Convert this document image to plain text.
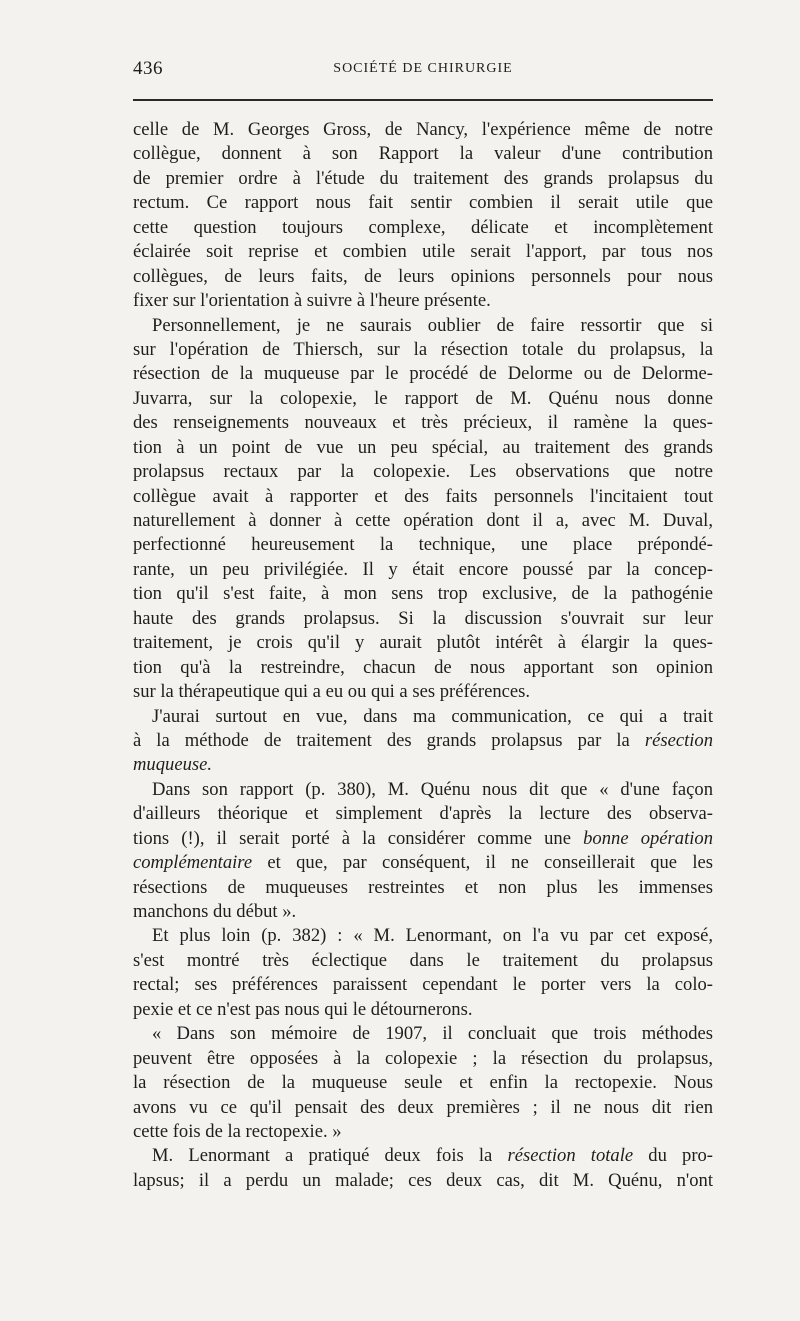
436	SOCIÉTÉ DE CHIRURGIE
celle de M. Georges Gross, de Nancy, l'expérience même de notre
collègue, donnent à son Rapport la valeur d'une contribution
de premier ordre à l'étude du traitement des grands prolapsus du
rectum. Ce rapport nous fait sentir combien il serait utile que
cette question toujours complexe, délicate et incomplètement
éclairée soit reprise et combien utile serait l'apport, par tous nos
collègues, de leurs faits, de leurs opinions personnels pour nous
fixer sur l'orientation à suivre à l'heure présente.
Personnellement, je ne saurais oublier de faire ressortir que si
sur l'opération de Thiersch, sur la résection totale du prolapsus, la
résection de la muqueuse par le procédé de Delorme ou de Delorme-
Juvarra, sur la colopexie, le rapport de M. Quénu nous donne
des renseignements nouveaux et très précieux, il ramène la ques-
tion à un point de vue un peu spécial, au traitement des grands
prolapsus rectaux par la colopexie. Les observations que notre
collègue avait à rapporter et des faits personnels l'incitaient tout
naturellement à donner à cette opération dont il a, avec M. Duval,
perfectionné heureusement la technique, une place prépondé-
rante, un peu privilégiée. Il y était encore poussé par la concep-
tion qu'il s'est faite, à mon sens trop exclusive, de la pathogénie
haute des grands prolapsus. Si la discussion s'ouvrait sur leur
traitement, je crois qu'il y aurait plutôt intérêt à élargir la ques-
tion qu'à la restreindre, chacun de nous apportant son opinion
sur la thérapeutique qui a eu ou qui a ses préférences.
J'aurai surtout en vue, dans ma communication, ce qui a trait
à la méthode de traitement des grands prolapsus par la résection
muqueuse.
Dans son rapport (p. 380), M. Quénu nous dit que « d'une façon
d'ailleurs théorique et simplement d'après la lecture des observa-
tions (!), il serait porté à la considérer comme une bonne opération
complémentaire et que, par conséquent, il ne conseillerait que les
résections de muqueuses restreintes et non plus les immenses
manchons du début ».
Et plus loin (p. 382) : « M. Lenormant, on l'a vu par cet exposé,
s'est montré très éclectique dans le traitement du prolapsus
rectal; ses préférences paraissent cependant le porter vers la colo-
pexie et ce n'est pas nous qui le détournerons.
« Dans son mémoire de 1907, il concluait que trois méthodes
peuvent être opposées à la colopexie ; la résection du prolapsus,
la résection de la muqueuse seule et enfin la rectopexie. Nous
avons vu ce qu'il pensait des deux premières ; il ne nous dit rien
cette fois de la rectopexie. »
M. Lenormant a pratiqué deux fois la résection totale du pro-
lapsus; il a perdu un malade; ces deux cas, dit M. Quénu, n'ont
